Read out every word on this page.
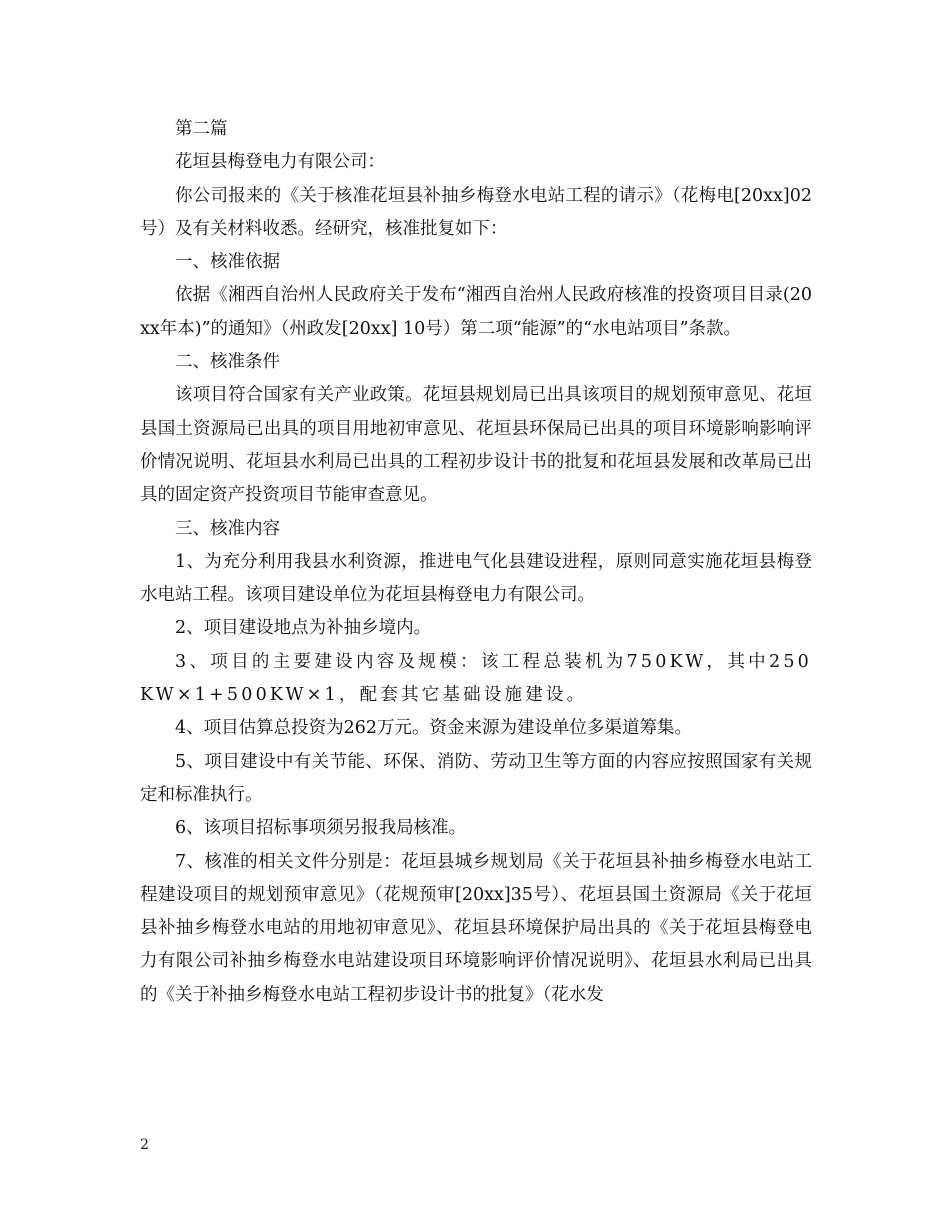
第二篇

花垣县梅登电力有限公司：

你公司报来的《关于核准花垣县补抽乡梅登水电站工程的请示》（花梅电[20xx]02号）及有关材料收悉。经研究，核准批复如下：

一、核准依据

依据《湘西自治州人民政府关于发布“湘西自治州人民政府核准的投资项目目录(20xx年本)”的通知》（州政发[20xx] 10号）第二项“能源”的“水电站项目”条款。

二、核准条件

该项目符合国家有关产业政策。花垣县规划局已出具该项目的规划预审意见、花垣县国土资源局已出具的项目用地初审意见、花垣县环保局已出具的项目环境影响影响评价情况说明、花垣县水利局已出具的工程初步设计书的批复和花垣县发展和改革局已出具的固定资产投资项目节能审查意见。

三、核准内容

1、为充分利用我县水利资源，推进电气化县建设进程，原则同意实施花垣县梅登水电站工程。该项目建设单位为花垣县梅登电力有限公司。

2、项目建设地点为补抽乡境内。

3、项目的主要建设内容及规模：该工程总装机为750KW，其中250KW×1+500KW×1，配套其它基础设施建设。

4、项目估算总投资为262万元。资金来源为建设单位多渠道筹集。

5、项目建设中有关节能、环保、消防、劳动卫生等方面的内容应按照国家有关规定和标准执行。

6、该项目招标事项须另报我局核准。

7、核准的相关文件分别是：花垣县城乡规划局《关于花垣县补抽乡梅登水电站工程建设项目的规划预审意见》（花规预审[20xx]35号）、花垣县国土资源局《关于花垣县补抽乡梅登水电站的用地初审意见》、花垣县环境保护局出具的《关于花垣县梅登电力有限公司补抽乡梅登水电站建设项目环境影响评价情况说明》、花垣县水利局已出具的《关于补抽乡梅登水电站工程初步设计书的批复》（花水发

2
